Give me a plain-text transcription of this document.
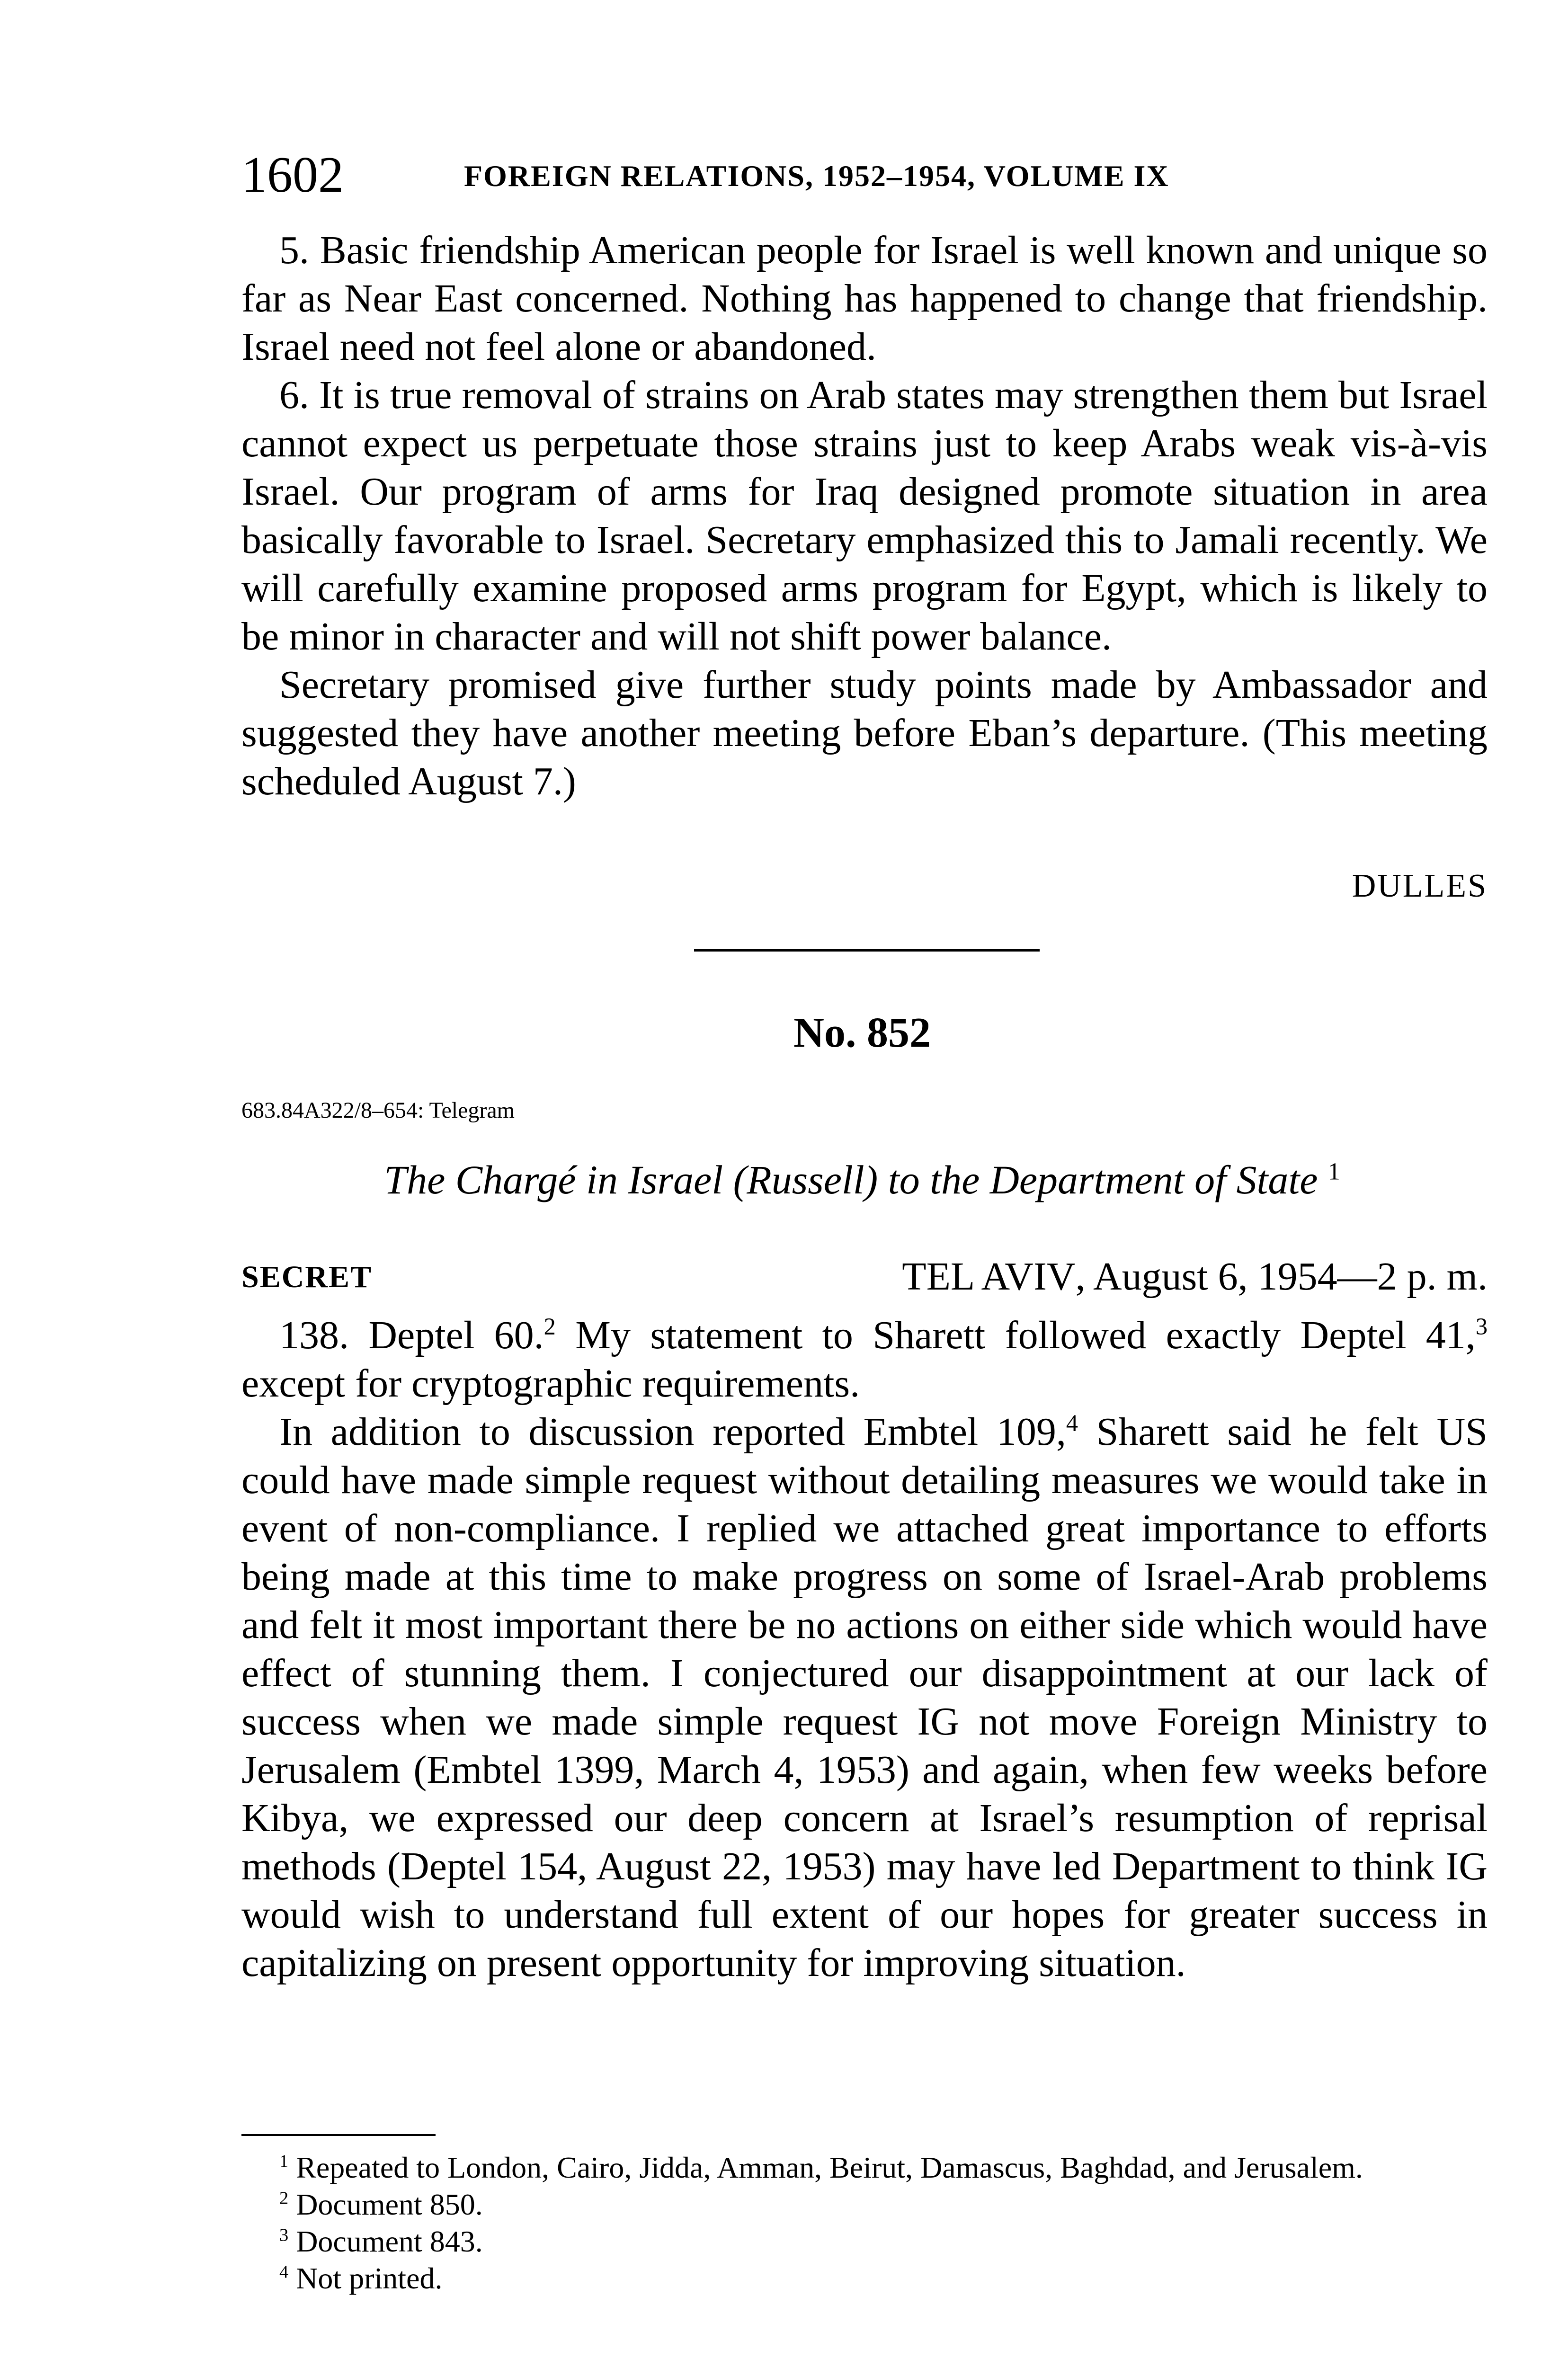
1602	FOREIGN RELATIONS, 1952–1954, VOLUME IX

5. Basic friendship American people for Israel is well known and unique so far as Near East concerned. Nothing has happened to change that friendship. Israel need not feel alone or abandoned.

6. It is true removal of strains on Arab states may strengthen them but Israel cannot expect us perpetuate those strains just to keep Arabs weak vis-à-vis Israel. Our program of arms for Iraq designed promote situation in area basically favorable to Israel. Secretary emphasized this to Jamali recently. We will carefully examine proposed arms program for Egypt, which is likely to be minor in character and will not shift power balance.

Secretary promised give further study points made by Ambassador and suggested they have another meeting before Eban’s departure. (This meeting scheduled August 7.)

DULLES
No. 852
683.84A322/8–654: Telegram
The Chargé in Israel (Russell) to the Department of State $^1$
SECRET	TEL AVIV, August 6, 1954—2 p. m.

138. Deptel 60.$^2$ My statement to Sharett followed exactly Deptel 41,$^3$ except for cryptographic requirements.

In addition to discussion reported Embtel 109,$^4$ Sharett said he felt US could have made simple request without detailing measures we would take in event of non-compliance. I replied we attached great importance to efforts being made at this time to make progress on some of Israel-Arab problems and felt it most important there be no actions on either side which would have effect of stunning them. I conjectured our disappointment at our lack of success when we made simple request IG not move Foreign Ministry to Jerusalem (Embtel 1399, March 4, 1953) and again, when few weeks before Kibya, we expressed our deep concern at Israel’s resumption of reprisal methods (Deptel 154, August 22, 1953) may have led Department to think IG would wish to understand full extent of our hopes for greater success in capitalizing on present opportunity for improving situation.

$^1$ Repeated to London, Cairo, Jidda, Amman, Beirut, Damascus, Baghdad, and Jerusalem.

$^2$ Document 850.

$^3$ Document 843.

$^4$ Not printed.
